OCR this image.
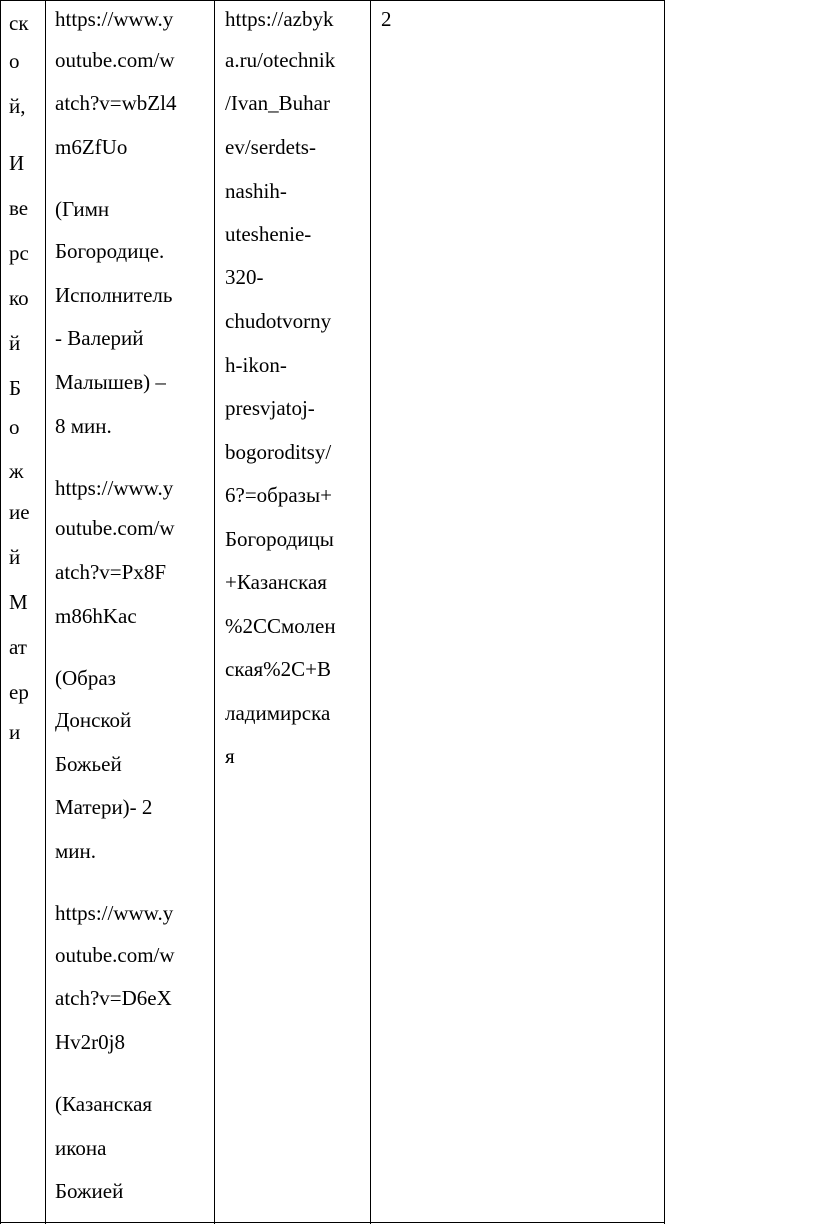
ск
о
й,
И
ве
рс
ко
й
Б
о
ж
ие
й
М
ат
ер
и
https://www.y
outube.com/w
atch?v=wbZl4
m6ZfUo
(Гимн
Богородице.
Исполнитель
- Валерий
Малышев) –
8 мин.
https://www.y
outube.com/w
atch?v=Px8F
m86hKac
(Образ
Донской
Божьей
Матери)- 2
мин.
https://www.y
outube.com/w
atch?v=D6eX
Hv2r0j8
(Казанская
икона
Божией
https://azbyk
a.ru/otechnik
/Ivan_Buhar
ev/serdets-
nashih-
uteshenie-
320-
chudotvorny
h-ikon-
presvjatoj-
bogoroditsy/
6?=образы+
Богородицы
+Казанская
%2CСмолен
ская%2C+В
ладимирска
я
2
